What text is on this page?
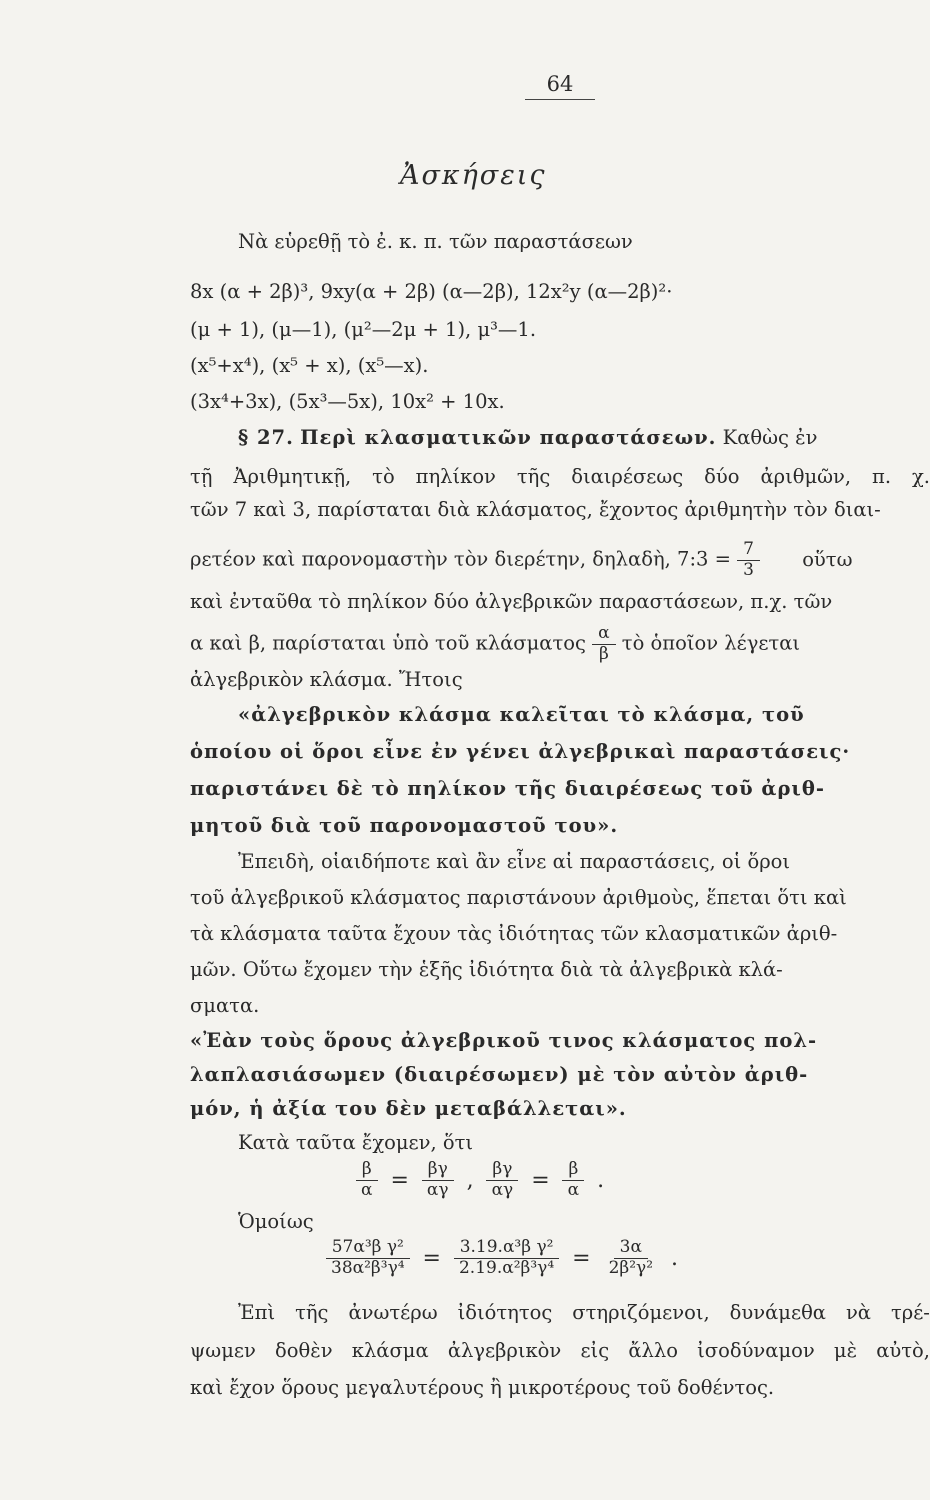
64
Ἀσκήσεις
Νὰ εὑρεθῇ τὸ ἐ. κ. π. τῶν παραστάσεων
8x (α + 2β)³, 9xy(α + 2β) (α—2β), 12x²y (α—2β)²·
(μ + 1), (μ—1), (μ²—2μ + 1), μ³—1.
(x⁵+x⁴), (x⁵ + x), (x⁵—x).
(3x⁴+3x), (5x³—5x), 10x² + 10x.
§ 27. Περὶ κλασματικῶν παραστάσεων. Καθὼς ἐν
τῇ Ἀριθμητικῇ, τὸ πηλίκον τῆς διαιρέσεως δύο ἀριθμῶν, π. χ.
τῶν 7 καὶ 3, παρίσταται διὰ κλάσματος, ἔχοντος ἀριθμητὴν τὸν διαι-
ρετέον καὶ παρονομαστὴν τὸν διερέτην, δηλαδὴ, 7:3 = $\frac{7}{3}$ οὕτω
καὶ ἐνταῦθα τὸ πηλίκον δύο ἀλγεβρικῶν παραστάσεων, π.χ. τῶν
α καὶ β, παρίσταται ὑπὸ τοῦ κλάσματος $\frac{\alpha}{\beta}$ τὸ ὁποῖον λέγεται
ἀλγεβρικὸν κλάσμα. Ἤτοις
«ἀλγεβρικὸν κλάσμα καλεῖται τὸ κλάσμα, τοῦ
ὁποίου οἱ ὅροι εἶνε ἐν γένει ἀλγεβρικαὶ παραστάσεις·
παριστάνει δὲ τὸ πηλίκον τῆς διαιρέσεως τοῦ ἀριθ-
μητοῦ διὰ τοῦ παρονομαστοῦ του».
Ἐπειδὴ, οἱαιδήποτε καὶ ἂν εἶνε αἱ παραστάσεις, οἱ ὅροι
τοῦ ἀλγεβρικοῦ κλάσματος παριστάνουν ἀριθμοὺς, ἕπεται ὅτι καὶ
τὰ κλάσματα ταῦτα ἔχουν τὰς ἰδιότητας τῶν κλασματικῶν ἀριθ-
μῶν. Οὕτω ἔχομεν τὴν ἑξῆς ἰδιότητα διὰ τὰ ἀλγεβρικὰ κλά-
σματα.
«Ἐὰν τοὺς ὅρους ἀλγεβρικοῦ τινος κλάσματος πολ-
λαπλασιάσωμεν (διαιρέσωμεν) μὲ τὸν αὐτὸν ἀριθ-
μόν, ἡ ἀξία του δὲν μεταβάλλεται».
Κατὰ ταῦτα ἔχομεν, ὅτι
$\frac{\beta}{\alpha} = \frac{\beta\gamma}{\alpha\gamma}$ , $\frac{\beta\gamma}{\alpha\gamma} = \frac{\beta}{\alpha}$ .
Ὁμοίως
$\frac{\text{57α³β γ²}}{\text{38α²β³γ⁴}} = \frac{\text{3.19.α³β γ²}}{\text{2.19.α²β³γ⁴}} = \frac{3\alpha}{\text{2β²γ²}}$ .
Ἐπὶ τῆς ἀνωτέρω ἰδιότητος στηριζόμενοι, δυνάμεθα νὰ τρέ-
ψωμεν δοθὲν κλάσμα ἀλγεβρικὸν εἰς ἄλλο ἰσοδύναμον μὲ αὐτὸ,
καὶ ἔχον ὅρους μεγαλυτέρους ἢ μικροτέρους τοῦ δοθέντος.
